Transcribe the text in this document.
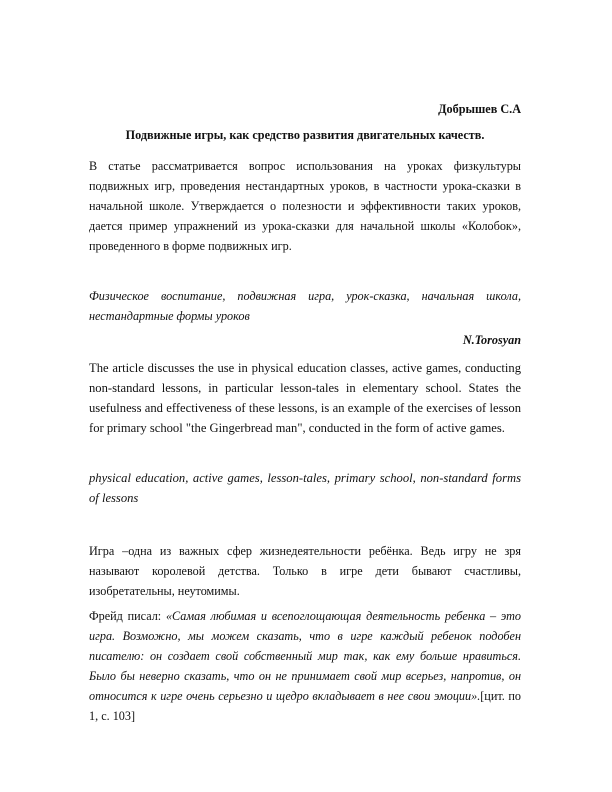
Добрышев С.А

Подвижные игры, как средство развития двигательных качеств.

В статье рассматривается вопрос использования на уроках физкультуры подвижных игр, проведения нестандартных уроков, в частности урока-сказки в начальной школе. Утверждается о полезности и эффективности таких уроков, дается пример упражнений из урока-сказки для начальной школы «Колобок», проведенного в форме подвижных игр.

Физическое воспитание, подвижная игра, урок-сказка, начальная школа, нестандартные формы уроков

N.Torosyan

The article discusses the use in physical education classes, active games, conducting non-standard lessons, in particular lesson-tales in elementary school. States the usefulness and effectiveness of these lessons, is an example of the exercises of lesson for primary school "the Gingerbread man", conducted in the form of active games.

physical education, active games, lesson-tales, primary school, non-standard forms of lessons

Игра –одна из важных сфер жизнедеятельности ребёнка. Ведь игру не зря называют королевой детства. Только в игре дети бывают счастливы, изобретательны, неутомимы.

Фрейд писал: «Самая любимая и всепоглощающая деятельность ребенка – это игра. Возможно, мы можем сказать, что в игре каждый ребенок подобен писателю: он создает свой собственный мир так, как ему больше нравиться. Было бы неверно сказать, что он не принимает свой мир всерьез, напротив, он относится к игре очень серьезно и щедро вкладывает в нее свои эмоции».[цит. по 1, с. 103]
